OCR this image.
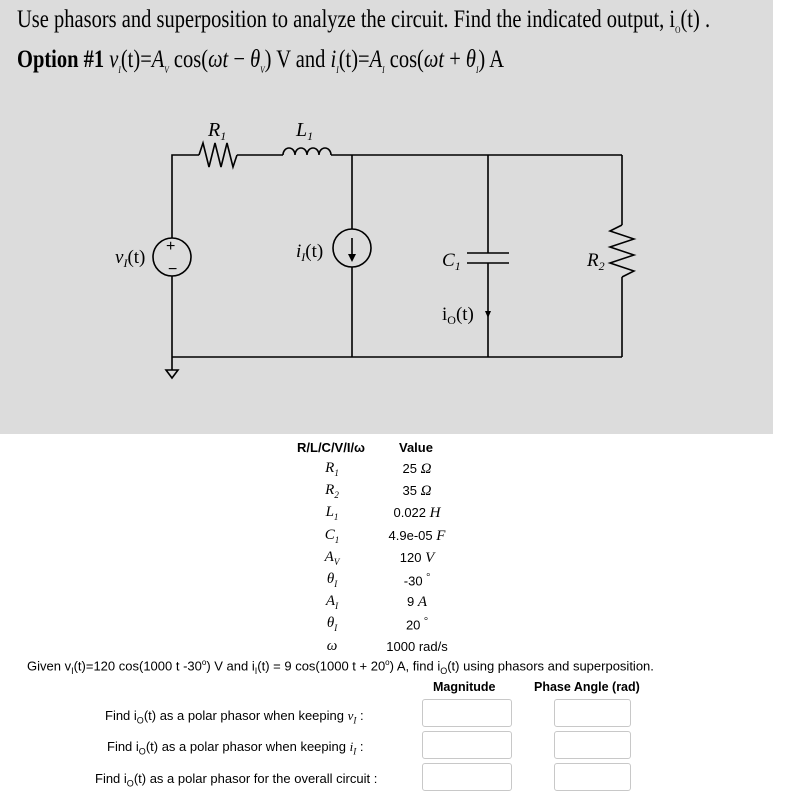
Use phasors and superposition to analyze the circuit. Find the indicated output, $i_O(t)$ .
Option #1 $v_I(t)=A_V$ $\cos(\omega t - \theta_V)$ V and $i_I(t)=A_I$ $\cos(\omega t + \theta_I)$ A
+
−
$R_1$	$L_1$
$v_I(t)$	$i_I(t)$	$C_1$	$R_2$
$i_O(t)$
R/L/C/V/I/ω	Value
$R_1$	25 Ω
$R_2$	35 Ω
$L_1$	0.022 H
$C_1$	4.9e-05 F
$A_V$	120 V
$\theta_I$	-30 °
$A_I$	9 A
$\theta_I$	20 °
ω	1000 rad/s
Given $v_I(t)=120$ cos(1000 t -30$^o$) V and $i_I(t) = 9$ cos(1000 $t + 20^o$) A, find $i_O(t)$ using phasors and superposition.
Magnitude	Phase Angle (rad)
Find $i_O(t)$ as a polar phasor when keeping $v_I$ :
Find $i_O(t)$ as a polar phasor when keeping $i_I$ :
Find $i_O(t)$ as a polar phasor for the overall circuit :
